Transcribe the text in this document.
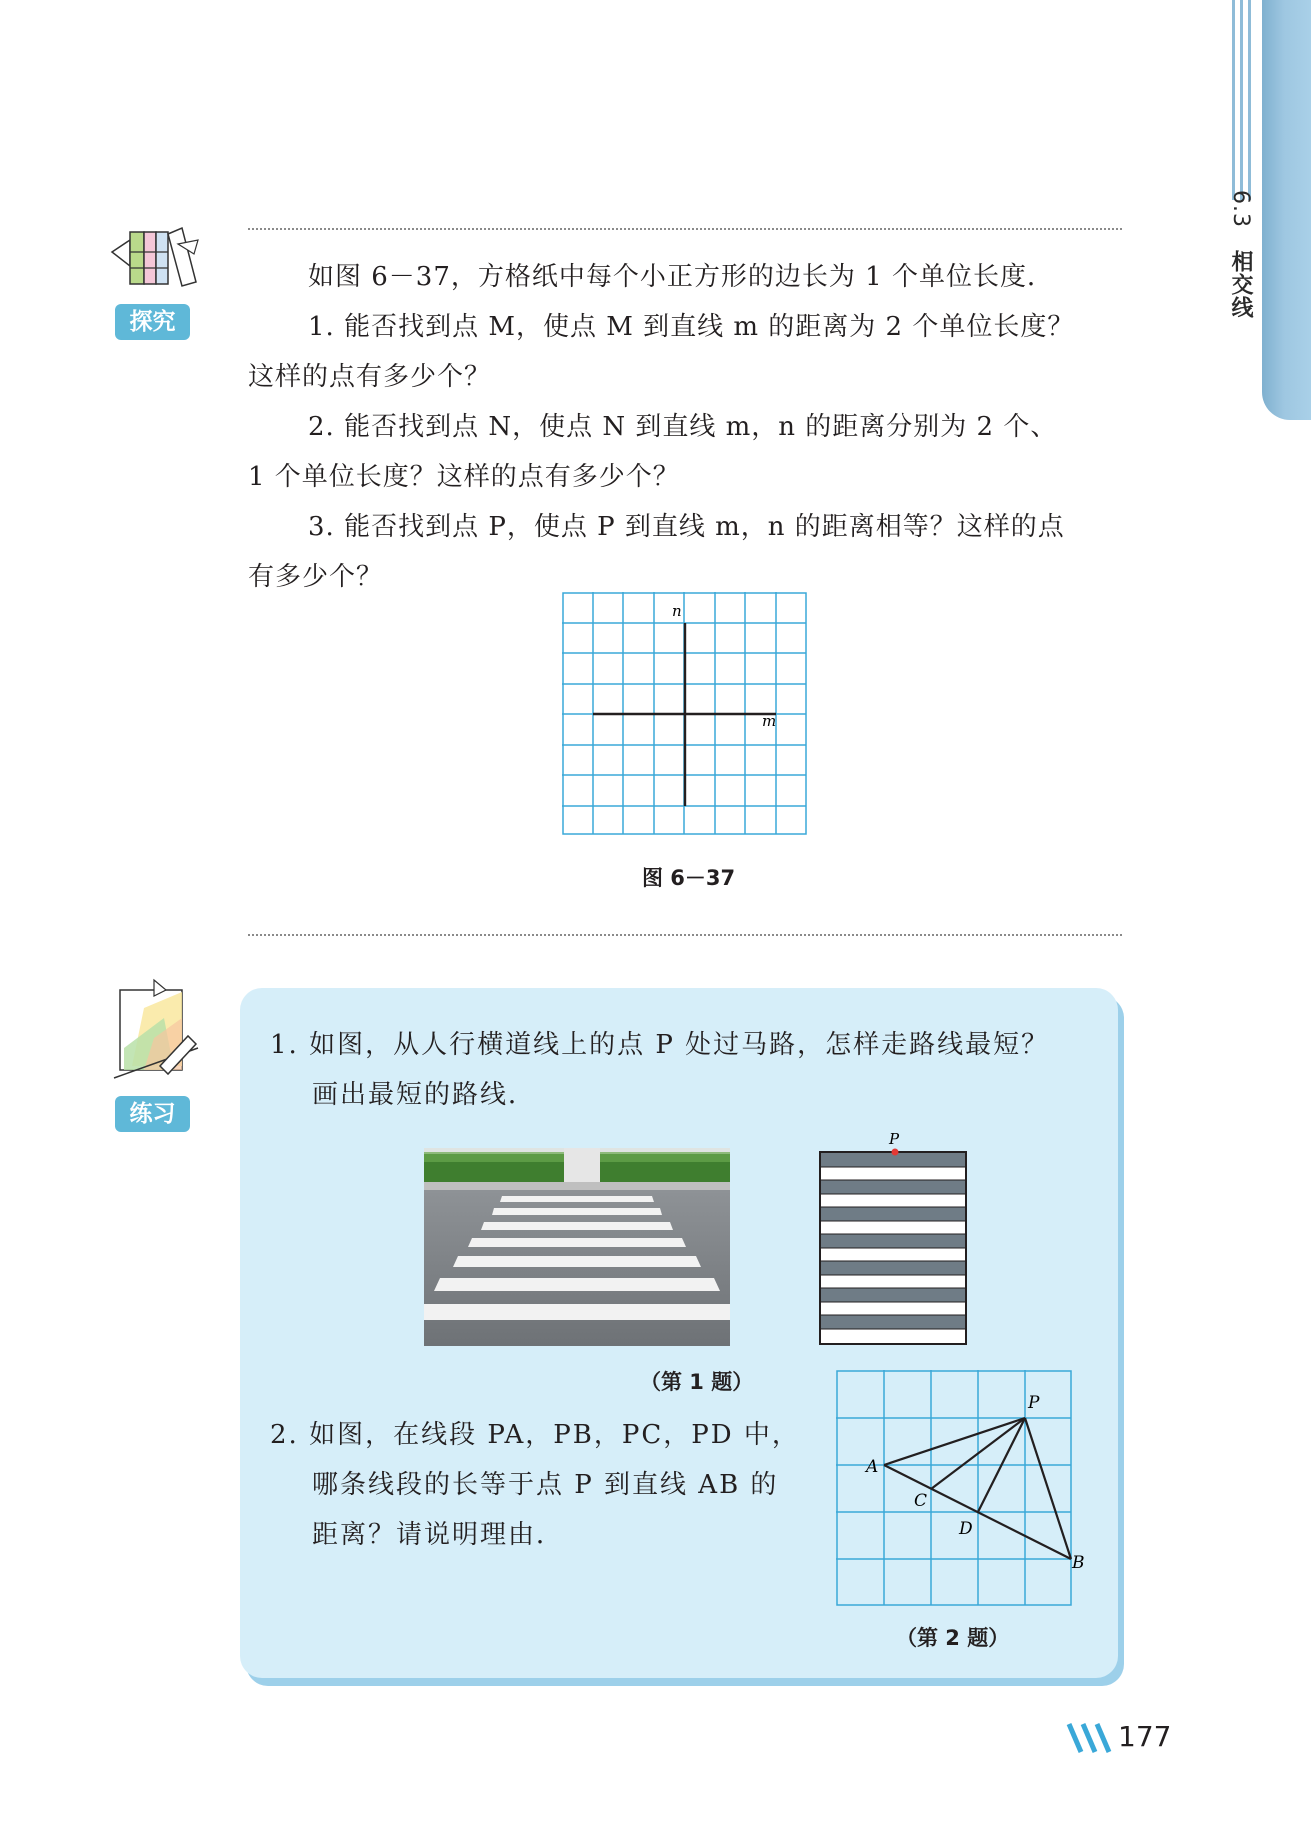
6.3 相交线
探究

如图 6－37，方格纸中每个小正方形的边长为 1 个单位长度．

1. 能否找到点 M，使点 M 到直线 m 的距离为 2 个单位长度？

这样的点有多少个？

2. 能否找到点 N，使点 N 到直线 m，n 的距离分别为 2 个、

1 个单位长度？这样的点有多少个？

3. 能否找到点 P，使点 P 到直线 m，n 的距离相等？这样的点

有多少个？

n
m
图 6－37
练习

1. 如图，从人行横道线上的点 P 处过马路，怎样走路线最短？

画出最短的路线．

P
（第 1 题）

2. 如图，在线段 PA，PB，PC，PD 中，

哪条线段的长等于点 P 到直线 AB 的

距离？请说明理由．

P
A
C
D
B
（第 2 题）
177
